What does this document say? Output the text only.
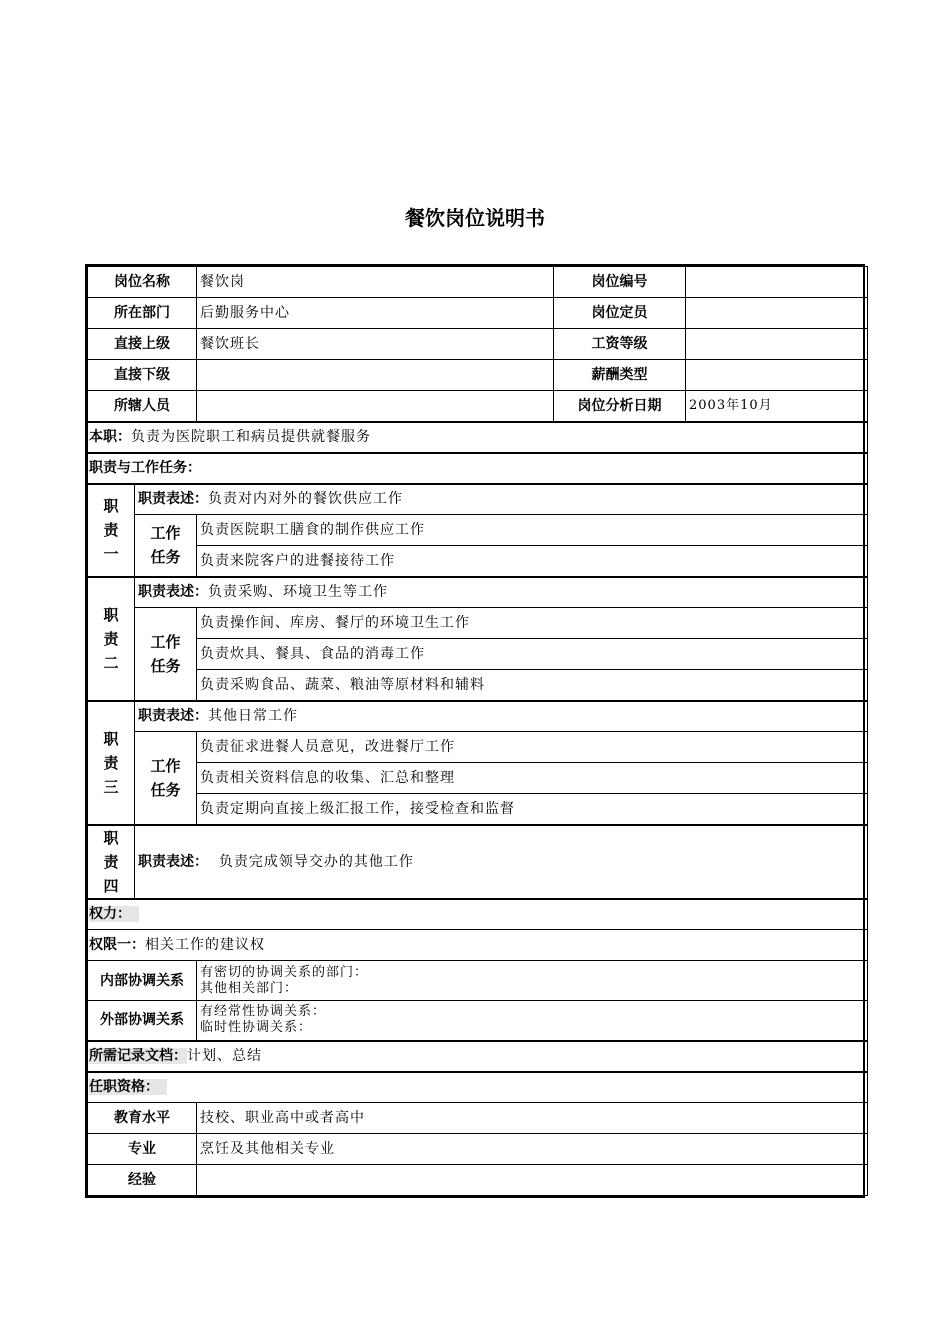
餐饮岗位说明书
岗位名称		餐饮岗	岗位编号	
所在部门		后勤服务中心	岗位定员	
直接上级		餐饮班长	工资等级	
直接下级			薪酬类型	
所辖人员			岗位分析日期	2003年10月
本职：负责为医院职工和病员提供就餐服务				
职责与工作任务：				
职责一	职责表述：负责对内对外的餐饮供应工作			
	工作任务	负责医院职工膳食的制作供应工作		
		负责来院客户的进餐接待工作		
职责二	职责表述：负责采购、环境卫生等工作			
	工作任务	负责操作间、库房、餐厅的环境卫生工作		
		负责炊具、餐具、食品的消毒工作		
		负责采购食品、蔬菜、粮油等原材料和辅料		
职责三	职责表述：其他日常工作			
	工作任务	负责征求进餐人员意见，改进餐厅工作		
		负责相关资料信息的收集、汇总和整理		
		负责定期向直接上级汇报工作，接受检查和监督		
职责四	职责表述： 负责完成领导交办的其他工作			
权力：				
权限一：相关工作的建议权				
内部协调关系		有密切的协调关系的部门：
其他相关部门：		

外部协调关系		有经常性协调关系：
临时性协调关系：		

所需记录文档：计划、总结				
任职资格：				
教育水平		技校、职业高中或者高中		
专业		烹饪及其他相关专业		
经验				
